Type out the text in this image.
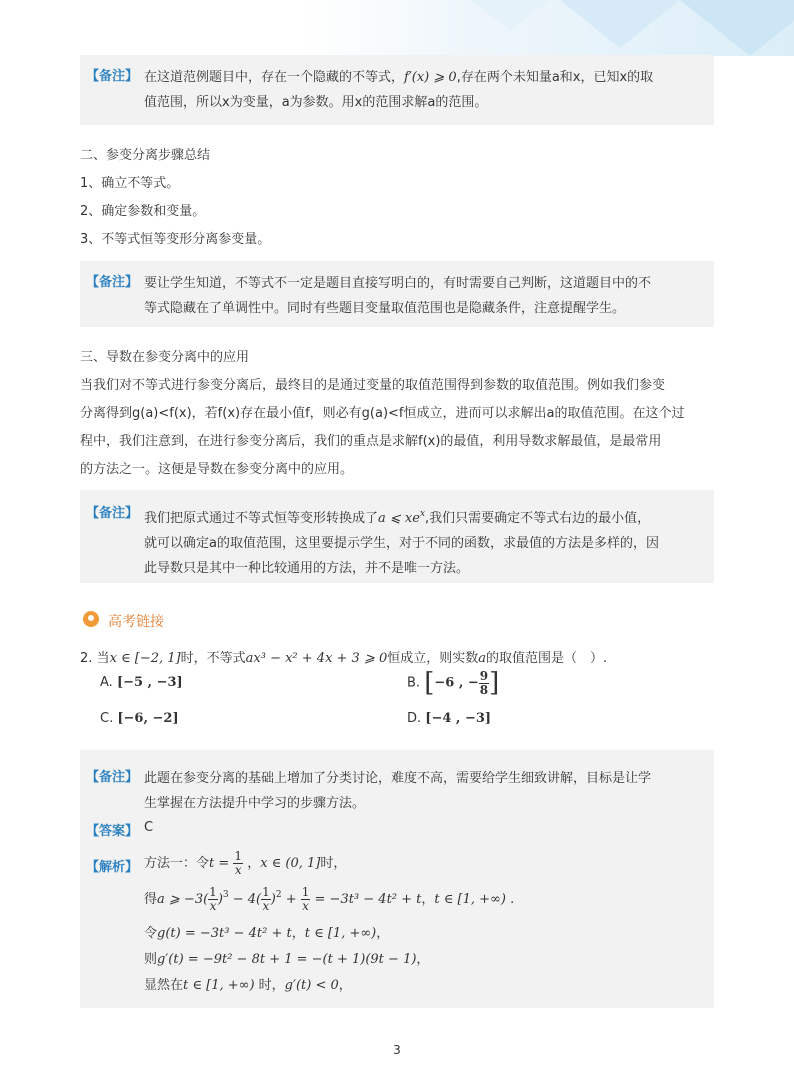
【备注】 在这道范例题目中，存在一个隐藏的不等式，f′(x) ⩾ 0,存在两个未知量a和x，已知x的取
值范围，所以x为变量，a为参数。用x的范围求解a的范围。
二、参变分离步骤总结
1、确立不等式。
2、确定参数和变量。
3、不等式恒等变形分离参变量。
【备注】 要让学生知道，不等式不一定是题目直接写明白的，有时需要自己判断，这道题目中的不
等式隐藏在了单调性中。同时有些题目变量取值范围也是隐藏条件，注意提醒学生。
三、导数在参变分离中的应用
当我们对不等式进行参变分离后，最终目的是通过变量的取值范围得到参数的取值范围。例如我们参变
分离得到g(a)<f(x)，若f(x)存在最小值f，则必有g(a)<f恒成立，进而可以求解出a的取值范围。在这个过
程中，我们注意到，在进行参变分离后，我们的重点是求解f(x)的最值，利用导数求解最值，是最常用
的方法之一。这便是导数在参变分离中的应用。
【备注】 我们把原式通过不等式恒等变形转换成了a ⩽ $xe^x$,我们只需要确定不等式右边的最小值，
就可以确定a的取值范围，这里要提示学生，对于不同的函数，求最值的方法是多样的，因
此导数只是其中一种比较通用的方法，并不是唯一方法。
高考链接
2. 当x ∈ [−2, 1]时，不等式ax³ − x² + 4x + 3 ⩾ 0恒成立，则实数a的取值范围是（　）.
A. [−5 , −3]	B. [−6 , − $\frac{9}{8}$ ]
C. [−6, −2]	D. [−4 , −3]
【备注】 此题在参变分离的基础上增加了分类讨论，难度不高，需要给学生细致讲解，目标是让学
生掌握在方法提升中学习的步骤方法。
【答案】 C
【解析】 方法一：令$t = \frac{1}{x}$ ，x ∈ (0, 1]时，
得a ⩾ $-3( \frac{1}{x} )^3 - 4( \frac{1}{x} )^2 + \frac{1}{x} = -3t^3 - 4t^2 + t$，t ∈ [1, +∞) .
令g(t) = −3t³ − 4t² + t，t ∈ [1, +∞)，
则g′(t) = −9t² − 8t + 1 = −(t + 1)(9t − 1)，
显然在t ∈ [1, +∞) 时，g′(t) < 0，
3
